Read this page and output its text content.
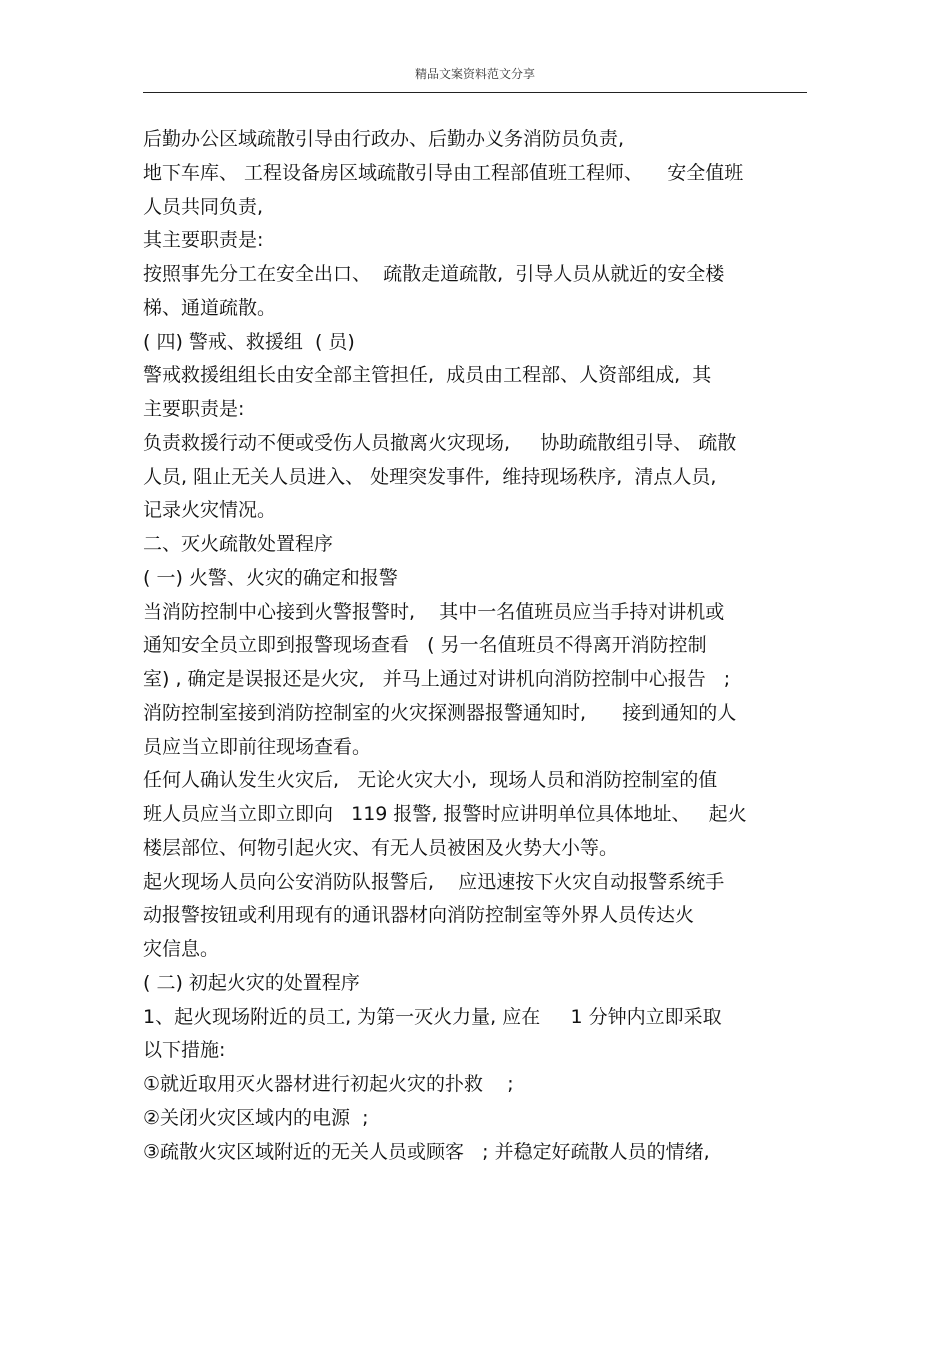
精品文案资料范文分享
后勤办公区域疏散引导由行政办、后勤办义务消防员负责,
地下车库、 工程设备房区域疏散引导由工程部值班工程师、    安全值班
人员共同负责,
其主要职责是:
按照事先分工在安全出口、  疏散走道疏散,  引导人员从就近的安全楼
梯、通道疏散。
( 四) 警戒、救援组  ( 员)
警戒救援组组长由安全部主管担任,  成员由工程部、人资部组成,  其
主要职责是:
负责救援行动不便或受伤人员撤离火灾现场,     协助疏散组引导、 疏散
人员, 阻止无关人员进入、 处理突发事件,  维持现场秩序,  清点人员,
记录火灾情况。
二、灭火疏散处置程序
( 一) 火警、火灾的确定和报警
当消防控制中心接到火警报警时,    其中一名值班员应当手持对讲机或
通知安全员立即到报警现场查看   ( 另一名值班员不得离开消防控制
室) , 确定是误报还是火灾,   并马上通过对讲机向消防控制中心报告   ;
消防控制室接到消防控制室的火灾探测器报警通知时,      接到通知的人
员应当立即前往现场查看。
任何人确认发生火灾后,   无论火灾大小,  现场人员和消防控制室的值
班人员应当立即立即向   119 报警, 报警时应讲明单位具体地址、   起火
楼层部位、何物引起火灾、有无人员被困及火势大小等。
起火现场人员向公安消防队报警后,    应迅速按下火灾自动报警系统手
动报警按钮或利用现有的通讯器材向消防控制室等外界人员传达火
灾信息。
( 二) 初起火灾的处置程序
1、起火现场附近的员工, 为第一灭火力量, 应在     1 分钟内立即采取
以下措施:
①就近取用灭火器材进行初起火灾的扑救    ;
②关闭火灾区域内的电源  ;
③疏散火灾区域附近的无关人员或顾客   ; 并稳定好疏散人员的情绪,
